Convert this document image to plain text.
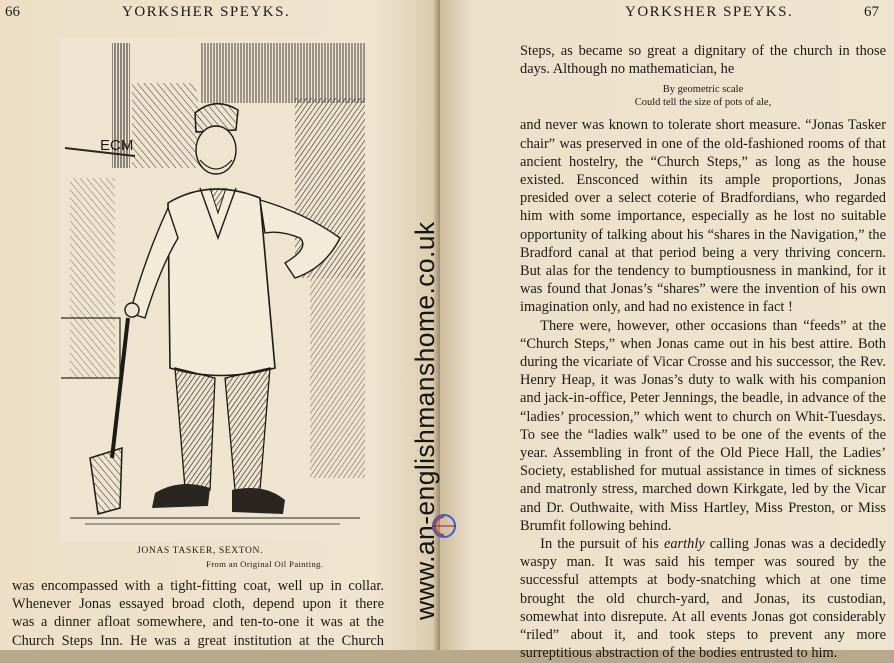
66	YORKSHER SPEYKS.
ECM
JONAS TASKER, SEXTON.
From an Original Oil Painting.

was encompassed with a tight-fitting coat, well up in collar.

Whenever Jonas essayed broad cloth, depend upon it there

was a dinner afloat somewhere, and ten-to-one it was at the

Church Steps Inn. He was a great institution at the Church

YORKSHER SPEYKS.	67

Steps, as became so great a dignitary of the church in those days. Although no mathematician, he

By geometric scale
Could tell the size of pots of ale,

and never was known to tolerate short measure. “Jonas Tasker chair” was preserved in one of the old-fashioned rooms of that ancient hostelry, the “Church Steps,” as long as the house existed. Ensconced within its ample proportions, Jonas presided over a select coterie of Bradfordians, who regarded him with some importance, especially as he lost no suitable opportunity of talking about his “shares in the Navigation,” the Bradford canal at that period being a very thriving concern. But alas for the tendency to bumptiousness in mankind, for it was found that Jonas’s “shares” were the invention of his own imagination only, and had no existence in fact !

There were, however, other occasions than “feeds” at the “Church Steps,” when Jonas came out in his best attire. Both during the vicariate of Vicar Crosse and his successor, the Rev. Henry Heap, it was Jonas’s duty to walk with his companion and jack-in-office, Peter Jennings, the beadle, in advance of the “ladies’ procession,” which went to church on Whit-Tuesdays. To see the “ladies walk” used to be one of the events of the year. Assembling in front of the Old Piece Hall, the Ladies’ Society, established for mutual assistance in times of sickness and matronly stress, marched down Kirkgate, led by the Vicar and Dr. Outhwaite, with Miss Hartley, Miss Preston, or Miss Brumfit following behind.

In the pursuit of his earthly calling Jonas was a decidedly waspy man. It was said his temper was soured by the successful attempts at body-snatching which at one time brought the old church-yard, and Jonas, its custodian, somewhat into disrepute. At all events Jonas got considerably “riled” about it, and took steps to prevent any more surreptitious abstraction of the bodies entrusted to him.

www.an-englishmanshome.co.uk
